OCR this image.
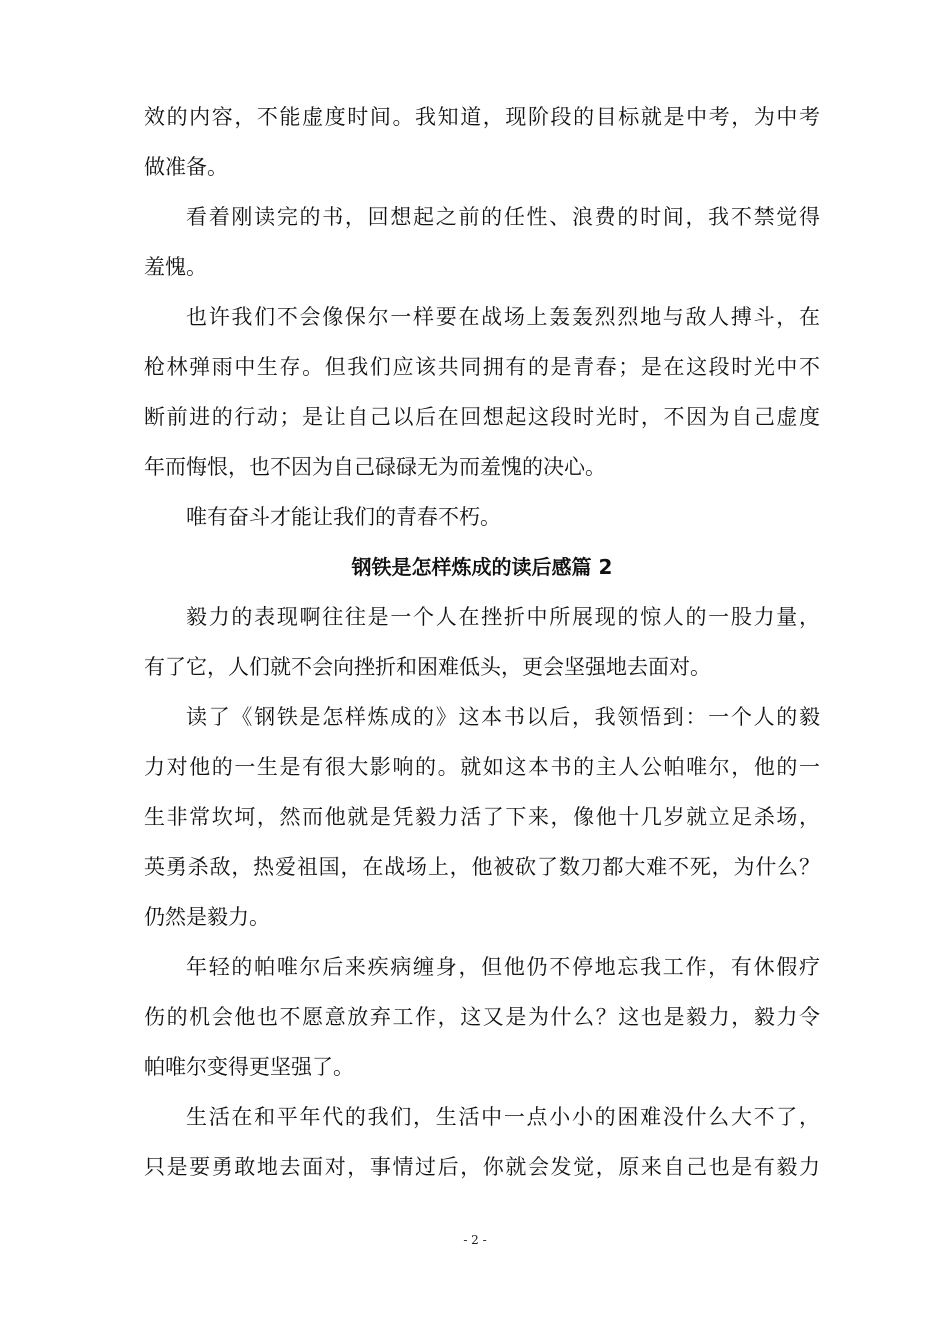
效的内容，不能虚度时间。我知道，现阶段的目标就是中考，为中考
做准备。
看着刚读完的书，回想起之前的任性、浪费的时间，我不禁觉得
羞愧。
也许我们不会像保尔一样要在战场上轰轰烈烈地与敌人搏斗，在
枪林弹雨中生存。但我们应该共同拥有的是青春；是在这段时光中不
断前进的行动；是让自己以后在回想起这段时光时，不因为自己虚度
年而悔恨，也不因为自己碌碌无为而羞愧的决心。
唯有奋斗才能让我们的青春不朽。
钢铁是怎样炼成的读后感篇 2
毅力的表现啊往往是一个人在挫折中所展现的惊人的一股力量，
有了它，人们就不会向挫折和困难低头，更会坚强地去面对。
读了《钢铁是怎样炼成的》这本书以后，我领悟到：一个人的毅
力对他的一生是有很大影响的。就如这本书的主人公帕唯尔，他的一
生非常坎坷，然而他就是凭毅力活了下来，像他十几岁就立足杀场，
英勇杀敌，热爱祖国，在战场上，他被砍了数刀都大难不死，为什么？
仍然是毅力。
年轻的帕唯尔后来疾病缠身，但他仍不停地忘我工作，有休假疗
伤的机会他也不愿意放弃工作，这又是为什么？这也是毅力，毅力令
帕唯尔变得更坚强了。
生活在和平年代的我们，生活中一点小小的困难没什么大不了，
只是要勇敢地去面对，事情过后，你就会发觉，原来自己也是有毅力
- 2 -
